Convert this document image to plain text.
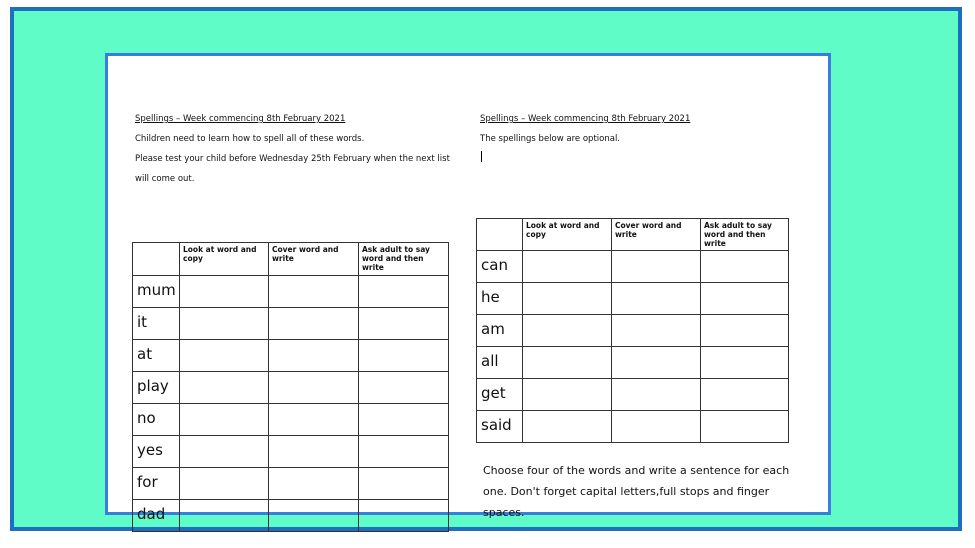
Spellings – Week commencing 8th February 2021
Children need to learn how to spell all of these words.
Please test your child before Wednesday 25th February when the next list
will come out.
	Look at word and copy	Cover word and write	Ask adult to say word and then write
mum			
it			
at			
play			
no			
yes			
for			
dad			
Spellings – Week commencing 8th February 2021
The spellings below are optional.
	Look at word and copy	Cover word and write	Ask adult to say word and then write
can			
he			
am			
all			
get			
said			
Choose four of the words and write a sentence for each one. Don't forget capital letters,full stops and finger spaces.
